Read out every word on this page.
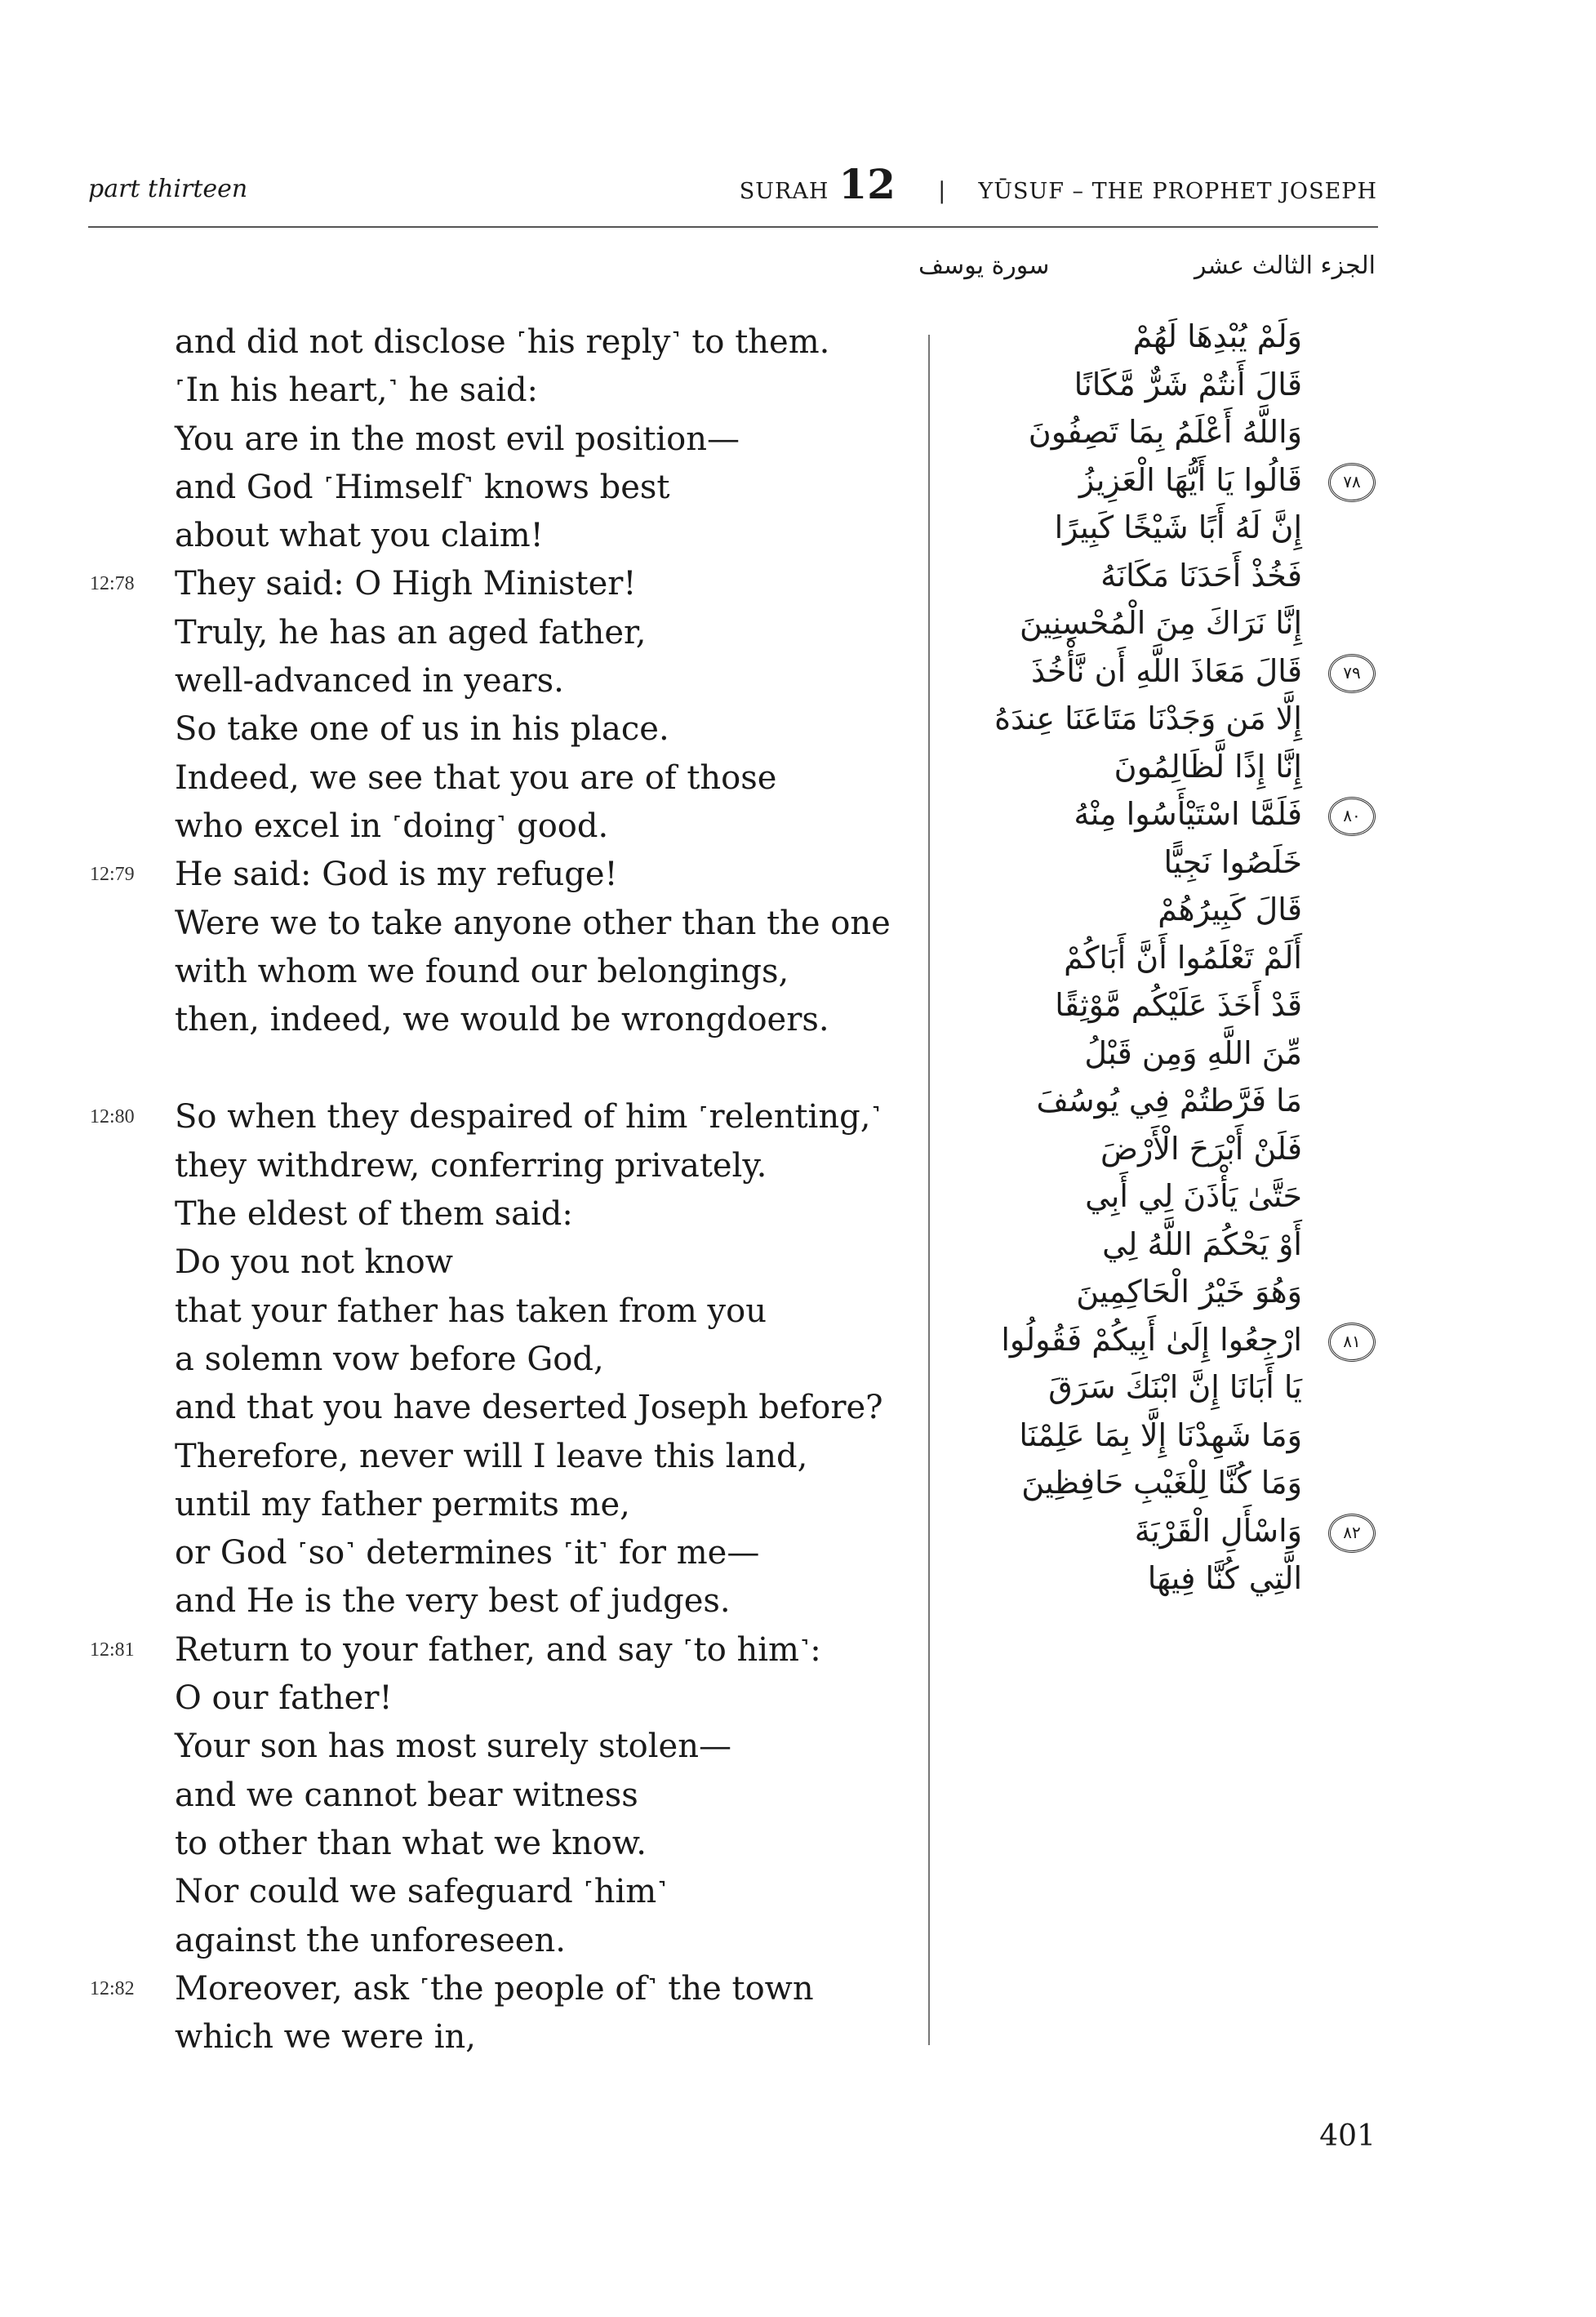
part thirteen	SURAH 12 | YŪSUF – THE PROPHET JOSEPH
الجزء الثالث عشر
سورة يوسف
and did not disclose ˹his reply˺ to them.
˹In his heart,˺ he said:
You are in the most evil position—
and God ˹Himself˺ knows best
about what you claim!
12:78 They said: O High Minister!
Truly, he has an aged father,
well-advanced in years.
So take one of us in his place.
Indeed, we see that you are of those
who excel in ˹doing˺ good.
12:79 He said: God is my refuge!
Were we to take anyone other than the one
with whom we found our belongings,
then, indeed, we would be wrongdoers.
12:80 So when they despaired of him ˹relenting,˺
they withdrew, conferring privately.
The eldest of them said:
Do you not know
that your father has taken from you
a solemn vow before God,
and that you have deserted Joseph before?
Therefore, never will I leave this land,
until my father permits me,
or God ˹so˺ determines ˹it˺ for me—
and He is the very best of judges.
12:81 Return to your father, and say ˹to him˺:
O our father!
Your son has most surely stolen—
and we cannot bear witness
to other than what we know.
Nor could we safeguard ˹him˺
against the unforeseen.
12:82 Moreover, ask ˹the people of˺ the town
which we were in,
وَلَمْ يُبْدِهَا لَهُمْ
قَالَ أَنتُمْ شَرٌّ مَّكَانًا
وَاللَّهُ أَعْلَمُ بِمَا تَصِفُونَ
٧٨
قَالُوا يَا أَيُّهَا الْعَزِيزُ
إِنَّ لَهُ أَبًا شَيْخًا كَبِيرًا
فَخُذْ أَحَدَنَا مَكَانَهُ
إِنَّا نَرَاكَ مِنَ الْمُحْسِنِينَ
٧٩
قَالَ مَعَاذَ اللَّهِ أَن نَّأْخُذَ
إِلَّا مَن وَجَدْنَا مَتَاعَنَا عِندَهُ
إِنَّا إِذًا لَّظَالِمُونَ
٨٠
فَلَمَّا اسْتَيْأَسُوا مِنْهُ
خَلَصُوا نَجِيًّا
قَالَ كَبِيرُهُمْ
أَلَمْ تَعْلَمُوا أَنَّ أَبَاكُمْ
قَدْ أَخَذَ عَلَيْكُم مَّوْثِقًا
مِّنَ اللَّهِ وَمِن قَبْلُ
مَا فَرَّطتُمْ فِي يُوسُفَ
فَلَنْ أَبْرَحَ الْأَرْضَ
حَتَّىٰ يَأْذَنَ لِي أَبِي
أَوْ يَحْكُمَ اللَّهُ لِي
وَهُوَ خَيْرُ الْحَاكِمِينَ
٨١
ارْجِعُوا إِلَىٰ أَبِيكُمْ فَقُولُوا
يَا أَبَانَا إِنَّ ابْنَكَ سَرَقَ
وَمَا شَهِدْنَا إِلَّا بِمَا عَلِمْنَا
وَمَا كُنَّا لِلْغَيْبِ حَافِظِينَ
٨٢
وَاسْأَلِ الْقَرْيَةَ
الَّتِي كُنَّا فِيهَا
401
